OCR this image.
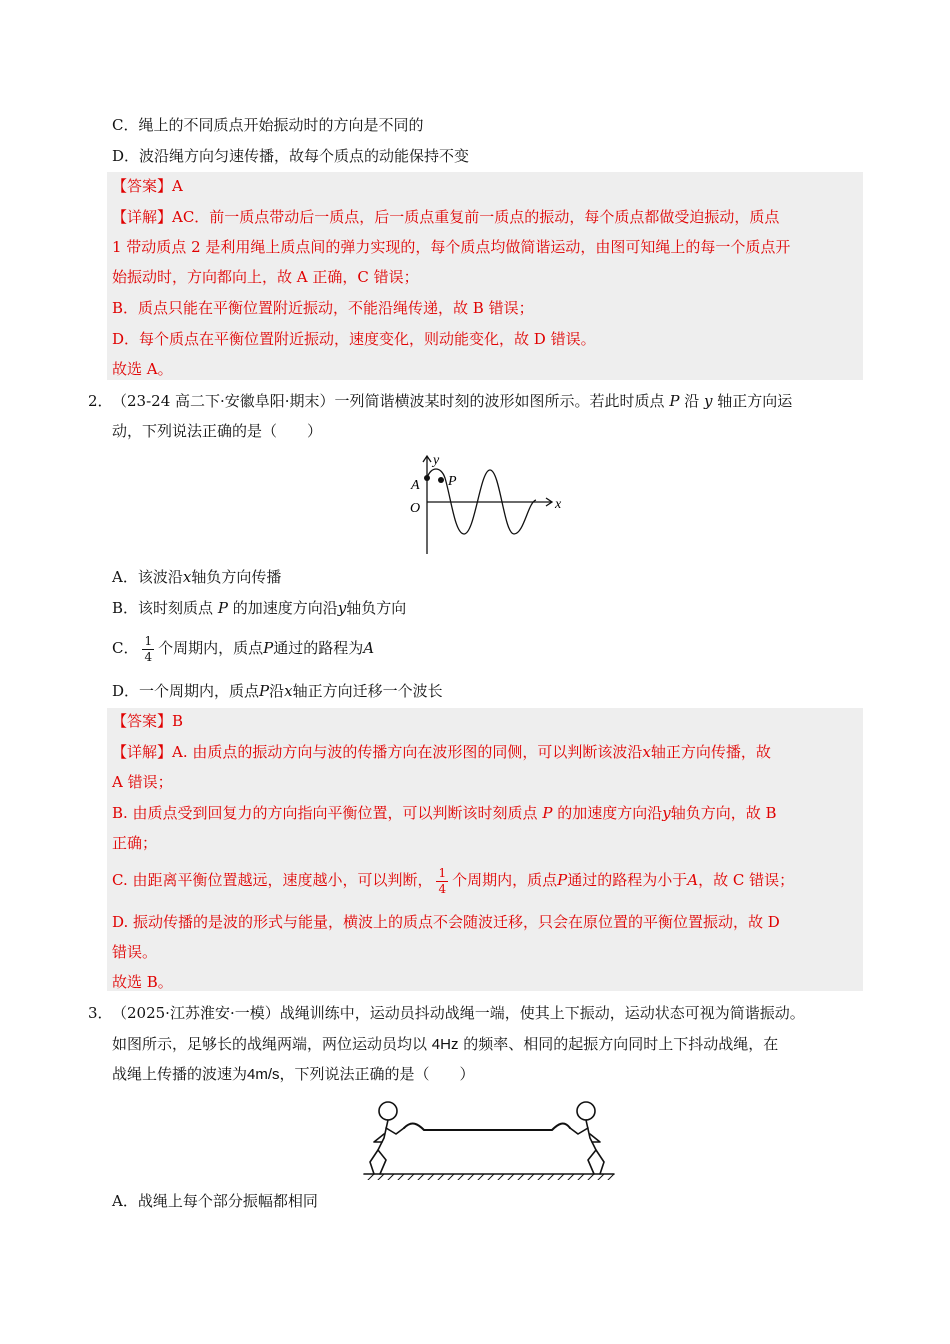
C．绳上的不同质点开始振动时的方向是不同的
D．波沿绳方向匀速传播，故每个质点的动能保持不变
【答案】A
【详解】AC．前一质点带动后一质点，后一质点重复前一质点的振动，每个质点都做受迫振动，质点
1 带动质点 2 是利用绳上质点间的弹力实现的，每个质点均做简谐运动，由图可知绳上的每一个质点开
始振动时，方向都向上，故 A 正确，C 错误；
B．质点只能在平衡位置附近振动，不能沿绳传递，故 B 错误；
D．每个质点在平衡位置附近振动，速度变化，则动能变化，故 D 错误。
故选 A。
2． （23-24 高二下·安徽阜阳·期末）一列简谐横波某时刻的波形如图所示。若此时质点 P 沿 y 轴正方向运
动，下列说法正确的是（　　）
y
x
A
O
P
A．该波沿x轴负方向传播
B．该时刻质点 P 的加速度方向沿y轴负方向
C． $\frac{1}{4}$ 个周期内，质点P通过的路程为A
D．一个周期内，质点P沿x轴正方向迁移一个波长
【答案】B
【详解】A. 由质点的振动方向与波的传播方向在波形图的同侧，可以判断该波沿x轴正方向传播，故
A 错误；
B. 由质点受到回复力的方向指向平衡位置，可以判断该时刻质点 P 的加速度方向沿y轴负方向，故 B
正确；
C. 由距离平衡位置越远，速度越小，可以判断， $\frac{1}{4}$ 个周期内，质点P通过的路程为小于A，故 C 错误；
D. 振动传播的是波的形式与能量，横波上的质点不会随波迁移，只会在原位置的平衡位置振动，故 D
错误。
故选 B。
3． （2025·江苏淮安·一模）战绳训练中，运动员抖动战绳一端，使其上下振动，运动状态可视为简谐振动。
如图所示，足够长的战绳两端，两位运动员均以 4Hz 的频率、相同的起振方向同时上下抖动战绳，在
战绳上传播的波速为4m/s，下列说法正确的是（　　）
A．战绳上每个部分振幅都相同
